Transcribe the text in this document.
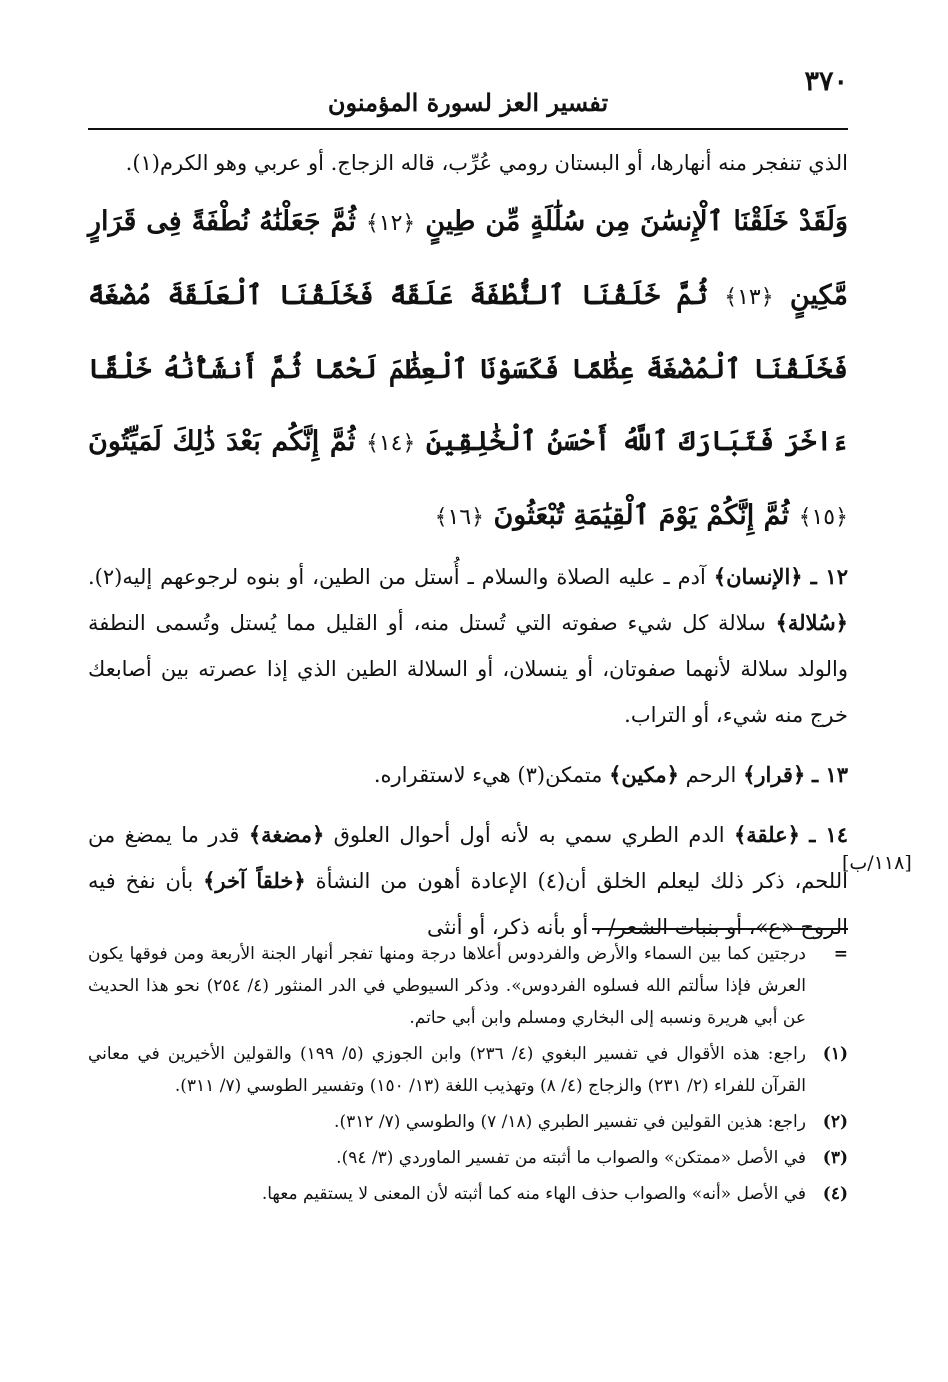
٣٧٠
تفسير العز لسورة المؤمنون

الذي تنفجر منه أنهارها، أو البستان رومي عُرِّب، قاله الزجاج. أو عربي وهو الكرم(١).

وَلَقَدْ خَلَقْنَا ٱلْإِنسَٰنَ مِن سُلَٰلَةٍ مِّن طِينٍ ﴿١٢﴾ ثُمَّ جَعَلْنَٰهُ نُطْفَةً فِى قَرَارٍ مَّكِينٍ ﴿١٣﴾ ثُمَّ خَلَقْنَا ٱلنُّطْفَةَ عَلَقَةً فَخَلَقْنَا ٱلْعَلَقَةَ مُضْغَةً فَخَلَقْنَا ٱلْمُضْغَةَ عِظَٰمًا فَكَسَوْنَا ٱلْعِظَٰمَ لَحْمًا ثُمَّ أَنشَأْنَٰهُ خَلْقًا ءَاخَرَ فَتَبَارَكَ ٱللَّهُ أَحْسَنُ ٱلْخَٰلِقِينَ ﴿١٤﴾ ثُمَّ إِنَّكُم بَعْدَ ذَٰلِكَ لَمَيِّتُونَ ﴿١٥﴾ ثُمَّ إِنَّكُمْ يَوْمَ ٱلْقِيَٰمَةِ تُبْعَثُونَ ﴿١٦﴾

١٢ ـ ﴿الإنسان﴾ آدم ـ عليه الصلاة والسلام ـ أُستل من الطين، أو بنوه لرجوعهم إليه(٢). ﴿سُلالة﴾ سلالة كل شيء صفوته التي تُستل منه، أو القليل مما يُستل وتُسمى النطفة والولد سلالة لأنهما صفوتان، أو ينسلان، أو السلالة الطين الذي إذا عصرته بين أصابعك خرج منه شيء، أو التراب.

١٣ ـ ﴿قرار﴾ الرحم ﴿مكين﴾ متمكن(٣) هيء لاستقراره.

١٤ ـ ﴿علقة﴾ الدم الطري سمي به لأنه أول أحوال العلوق ﴿مضغة﴾ قدر ما يمضغ من اللحم، ذكر ذلك ليعلم الخلق أن(٤) الإعادة أهون من النشأة ﴿خلقاً آخر﴾ بأن نفخ فيه الروح «ع»، أو بنبات الشعر/ ، أو بأنه ذكر، أو أنثى

[١١٨/ب]
=
درجتين كما بين السماء والأرض والفردوس أعلاها درجة ومنها تفجر أنهار الجنة الأربعة ومن فوقها يكون العرش فإذا سألتم الله فسلوه الفردوس». وذكر السيوطي في الدر المنثور (٤/ ٢٥٤) نحو هذا الحديث عن أبي هريرة ونسبه إلى البخاري ومسلم وابن أبي حاتم.
(١)
راجع: هذه الأقوال في تفسير البغوي (٤/ ٢٣٦) وابن الجوزي (٥/ ١٩٩) والقولين الأخيرين في معاني القرآن للفراء (٢/ ٢٣١) والزجاج (٤/ ٨) وتهذيب اللغة (١٣/ ١٥٠) وتفسير الطوسي (٧/ ٣١١).
(٢)
راجع: هذين القولين في تفسير الطبري (١٨/ ٧) والطوسي (٧/ ٣١٢).
(٣)
في الأصل «ممتكن» والصواب ما أثبته من تفسير الماوردي (٣/ ٩٤).
(٤)
في الأصل «أنه» والصواب حذف الهاء منه كما أثبته لأن المعنى لا يستقيم معها.
